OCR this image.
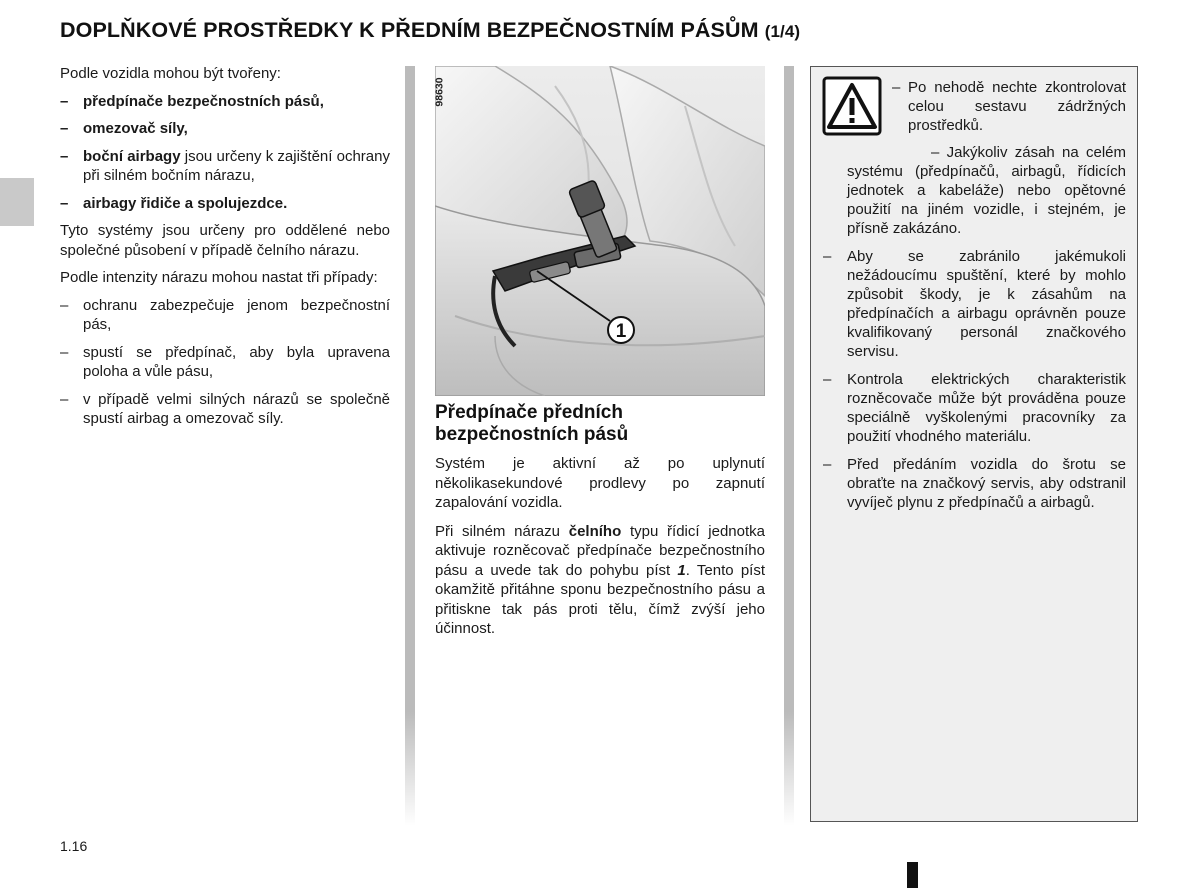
DOPLŇKOVÉ PROSTŘEDKY K PŘEDNÍM BEZPEČNOSTNÍM PÁSŮM (1/4)

Podle vozidla mohou být tvořeny:

– předpínače bezpečnostních pásů,
– omezovač síly,
– boční airbagy jsou určeny k zajištění ochrany při silném bočním nárazu,
– airbagy řidiče a spolujezdce.

Tyto systémy jsou určeny pro oddělené nebo společné působení v případě čelního nárazu.

Podle intenzity nárazu mohou nastat tři případy:

– ochranu zabezpečuje jenom bezpečnostní pás,
– spustí se předpínač, aby byla upravena poloha a vůle pásu,
– v případě velmi silných nárazů se společně spustí airbag a omezovač síly.
1
98630
Předpínače předních bezpečnostních pásů

Systém je aktivní až po uplynutí několikasekundové prodlevy po zapnutí zapalování vozidla.

Při silném nárazu čelního typu řídicí jednotka aktivuje rozněcovač předpínače bezpečnostního pásu a uvede tak do pohybu píst 1. Tento píst okamžitě přitáhne sponu bezpečnostního pásu a přitiskne tak pás proti tělu, čímž zvýší jeho účinnost.

– Po nehodě nechte zkontrolovat celou sestavu zádržných prostředků.
– Jakýkoliv zásah na celém systému (předpínačů, airbagů, řídicích jednotek a kabeláže) nebo opětovné použití na jiném vozidle, i stejném, je přísně zakázáno.
– Aby se zabránilo jakémukoli nežádoucímu spuštění, které by mohlo způsobit škody, je k zásahům na předpínačích a airbagu oprávněn pouze kvalifikovaný personál značkového servisu.
– Kontrola elektrických charakteristik rozněcovače může být prováděna pouze speciálně vyškolenými pracovníky za použití vhodného materiálu.
– Před předáním vozidla do šrotu se obraťte na značkový servis, aby odstranil vyvíječ plynu z předpínačů a airbagů.
1.16
